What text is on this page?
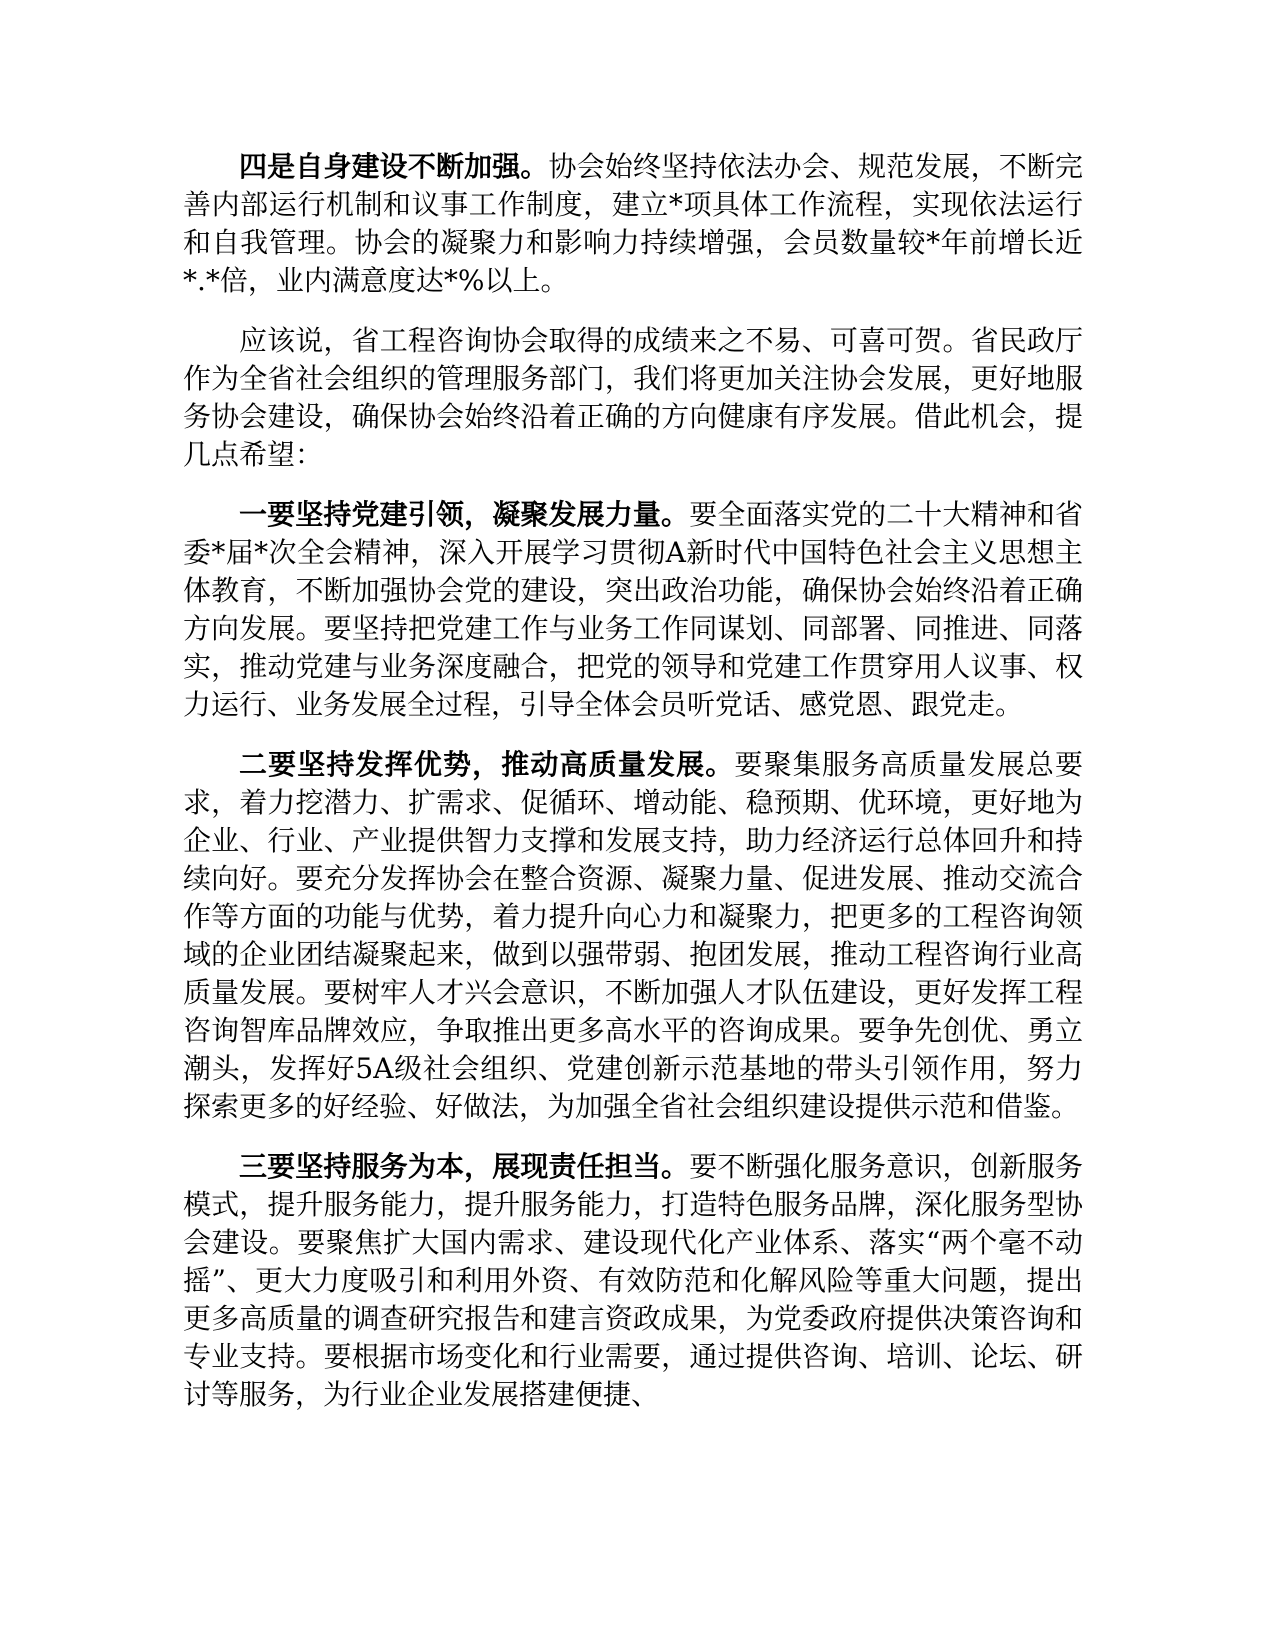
四是自身建设不断加强。协会始终坚持依法办会、规范发展，不断完善内部运行机制和议事工作制度，建立*项具体工作流程，实现依法运行和自我管理。协会的凝聚力和影响力持续增强，会员数量较*年前增长近*.*倍，业内满意度达*%以上。

应该说，省工程咨询协会取得的成绩来之不易、可喜可贺。省民政厅作为全省社会组织的管理服务部门，我们将更加关注协会发展，更好地服务协会建设，确保协会始终沿着正确的方向健康有序发展。借此机会，提几点希望：

一要坚持党建引领，凝聚发展力量。要全面落实党的二十大精神和省委*届*次全会精神，深入开展学习贯彻A新时代中国特色社会主义思想主体教育，不断加强协会党的建设，突出政治功能，确保协会始终沿着正确方向发展。要坚持把党建工作与业务工作同谋划、同部署、同推进、同落实，推动党建与业务深度融合，把党的领导和党建工作贯穿用人议事、权力运行、业务发展全过程，引导全体会员听党话、感党恩、跟党走。

二要坚持发挥优势，推动高质量发展。要聚集服务高质量发展总要求，着力挖潜力、扩需求、促循环、增动能、稳预期、优环境，更好地为企业、行业、产业提供智力支撑和发展支持，助力经济运行总体回升和持续向好。要充分发挥协会在整合资源、凝聚力量、促进发展、推动交流合作等方面的功能与优势，着力提升向心力和凝聚力，把更多的工程咨询领域的企业团结凝聚起来，做到以强带弱、抱团发展，推动工程咨询行业高质量发展。要树牢人才兴会意识，不断加强人才队伍建设，更好发挥工程咨询智库品牌效应，争取推出更多高水平的咨询成果。要争先创优、勇立潮头，发挥好5A级社会组织、党建创新示范基地的带头引领作用，努力探索更多的好经验、好做法，为加强全省社会组织建设提供示范和借鉴。

三要坚持服务为本，展现责任担当。要不断强化服务意识，创新服务模式，提升服务能力，提升服务能力，打造特色服务品牌，深化服务型协会建设。要聚焦扩大国内需求、建设现代化产业体系、落实“两个毫不动摇”、更大力度吸引和利用外资、有效防范和化解风险等重大问题，提出更多高质量的调查研究报告和建言资政成果，为党委政府提供决策咨询和专业支持。要根据市场变化和行业需要，通过提供咨询、培训、论坛、研讨等服务，为行业企业发展搭建便捷、
